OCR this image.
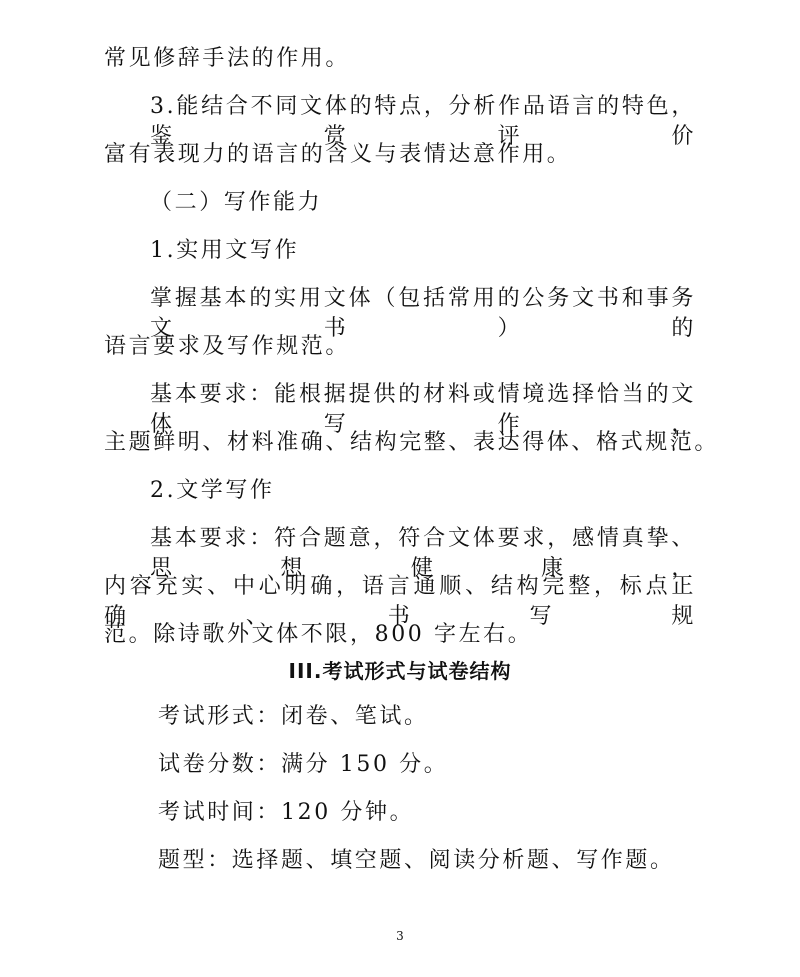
常见修辞手法的作用。
3.能结合不同文体的特点，分析作品语言的特色，鉴赏评价
富有表现力的语言的含义与表情达意作用。
（二）写作能力
1.实用文写作
掌握基本的实用文体（包括常用的公务文书和事务文书）的
语言要求及写作规范。
基本要求：能根据提供的材料或情境选择恰当的文体写作，
主题鲜明、材料准确、结构完整、表达得体、格式规范。
2.文学写作
基本要求：符合题意，符合文体要求，感情真挚、思想健康，
内容充实、中心明确，语言通顺、结构完整，标点正确、书写规
范。除诗歌外文体不限，800 字左右。
III.考试形式与试卷结构
考试形式：闭卷、笔试。
试卷分数：满分 150 分。
考试时间：120 分钟。
题型：选择题、填空题、阅读分析题、写作题。
3
